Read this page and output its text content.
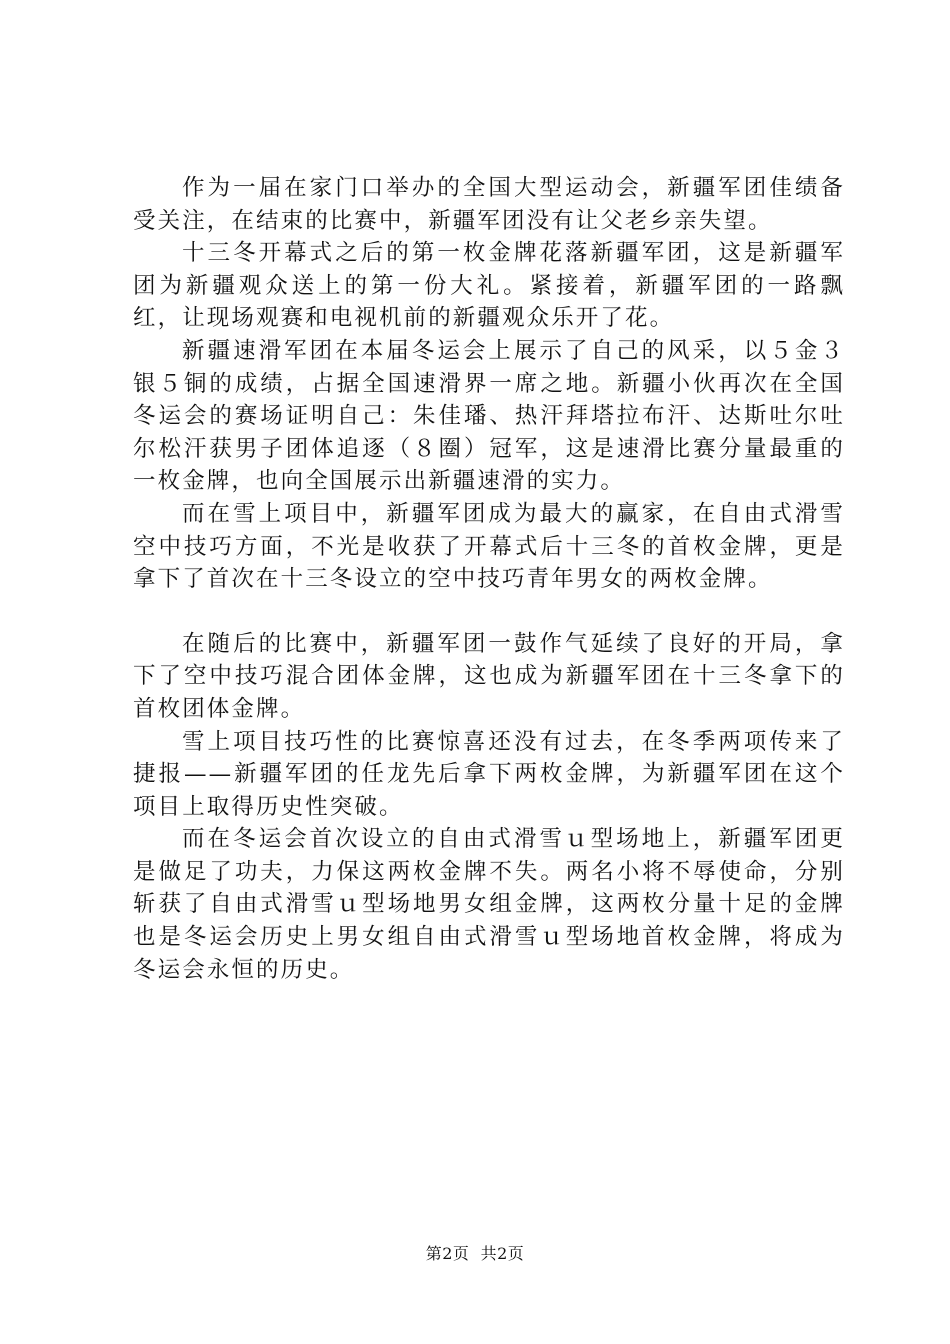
作为一届在家门口举办的全国大型运动会，新疆军团佳绩备受关注，在结束的比赛中，新疆军团没有让父老乡亲失望。

十三冬开幕式之后的第一枚金牌花落新疆军团，这是新疆军团为新疆观众送上的第一份大礼。紧接着，新疆军团的一路飘红，让现场观赛和电视机前的新疆观众乐开了花。

新疆速滑军团在本届冬运会上展示了自己的风采，以５金３银５铜的成绩，占据全国速滑界一席之地。新疆小伙再次在全国冬运会的赛场证明自己：朱佳璠、热汗拜塔拉布汗、达斯吐尔吐尔松汗获男子团体追逐（８圈）冠军，这是速滑比赛分量最重的一枚金牌，也向全国展示出新疆速滑的实力。

而在雪上项目中，新疆军团成为最大的赢家，在自由式滑雪空中技巧方面，不光是收获了开幕式后十三冬的首枚金牌，更是拿下了首次在十三冬设立的空中技巧青年男女的两枚金牌。

在随后的比赛中，新疆军团一鼓作气延续了良好的开局，拿下了空中技巧混合团体金牌，这也成为新疆军团在十三冬拿下的首枚团体金牌。

雪上项目技巧性的比赛惊喜还没有过去，在冬季两项传来了捷报——新疆军团的任龙先后拿下两枚金牌，为新疆军团在这个项目上取得历史性突破。

而在冬运会首次设立的自由式滑雪ｕ型场地上，新疆军团更是做足了功夫，力保这两枚金牌不失。两名小将不辱使命，分别斩获了自由式滑雪ｕ型场地男女组金牌，这两枚分量十足的金牌也是冬运会历史上男女组自由式滑雪ｕ型场地首枚金牌，将成为冬运会永恒的历史。

第2页  共2页
